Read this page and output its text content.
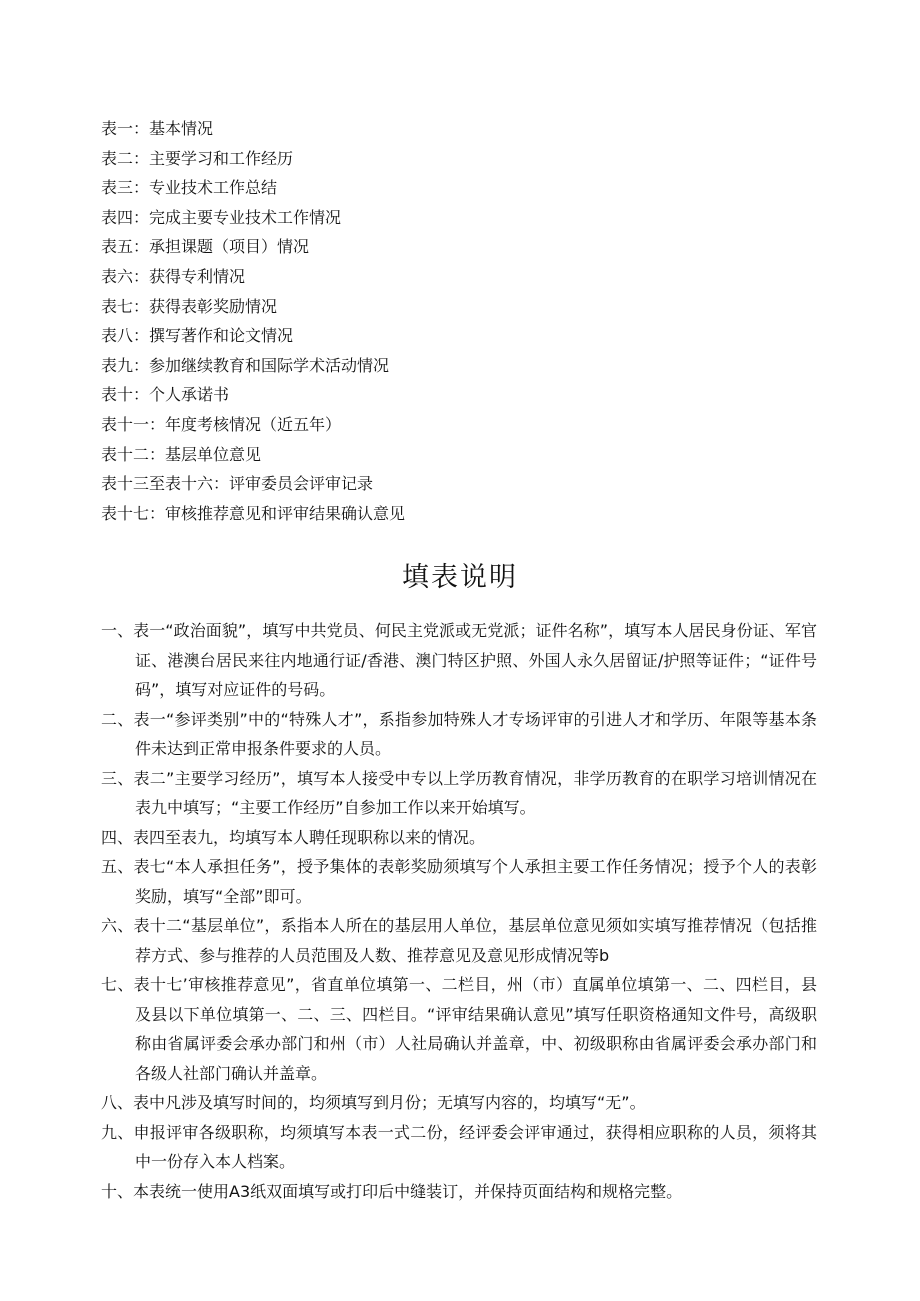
表一：基本情况
表二：主要学习和工作经历
表三：专业技术工作总结
表四：完成主要专业技术工作情况
表五：承担课题（项目）情况
表六：获得专利情况
表七：获得表彰奖励情况
表八：撰写著作和论文情况
表九：参加继续教育和国际学术活动情况
表十：个人承诺书
表十一：年度考核情况（近五年）
表十二：基层单位意见
表十三至表十六：评审委员会评审记录
表十七：审核推荐意见和评审结果确认意见
填表说明
一、表一“政治面貌”，填写中共党员、何民主党派或无党派；证件名称”，填写本人居民身份证、军官证、港澳台居民来往内地通行证/香港、澳门特区护照、外国人永久居留证/护照等证件；“证件号码”，填写对应证件的号码。
二、表一“参评类别”中的“特殊人才”，系指参加特殊人才专场评审的引进人才和学历、年限等基本条件未达到正常申报条件要求的人员。
三、表二”主要学习经历”，填写本人接受中专以上学历教育情况，非学历教育的在职学习培训情况在表九中填写；“主要工作经历”自参加工作以来开始填写。
四、表四至表九，均填写本人聘任现职称以来的情况。
五、表七“本人承担任务”，授予集体的表彰奖励须填写个人承担主要工作任务情况；授予个人的表彰奖励，填写“全部”即可。
六、表十二“基层单位”，系指本人所在的基层用人单位，基层单位意见须如实填写推荐情况（包括推荐方式、参与推荐的人员范围及人数、推荐意见及意见形成情况等b
七、表十七’审核推荐意见”，省直单位填第一、二栏目，州（市）直属单位填第一、二、四栏目，县及县以下单位填第一、二、三、四栏目。“评审结果确认意见”填写任职资格通知文件号，高级职称由省属评委会承办部门和州（市）人社局确认并盖章，中、初级职称由省属评委会承办部门和各级人社部门确认并盖章。
八、表中凡涉及填写时间的，均须填写到月份；无填写内容的，均填写“无”。
九、申报评审各级职称，均须填写本表一式二份，经评委会评审通过，获得相应职称的人员，须将其中一份存入本人档案。
十、本表统一使用A3纸双面填写或打印后中缝装订，并保持页面结构和规格完整。
